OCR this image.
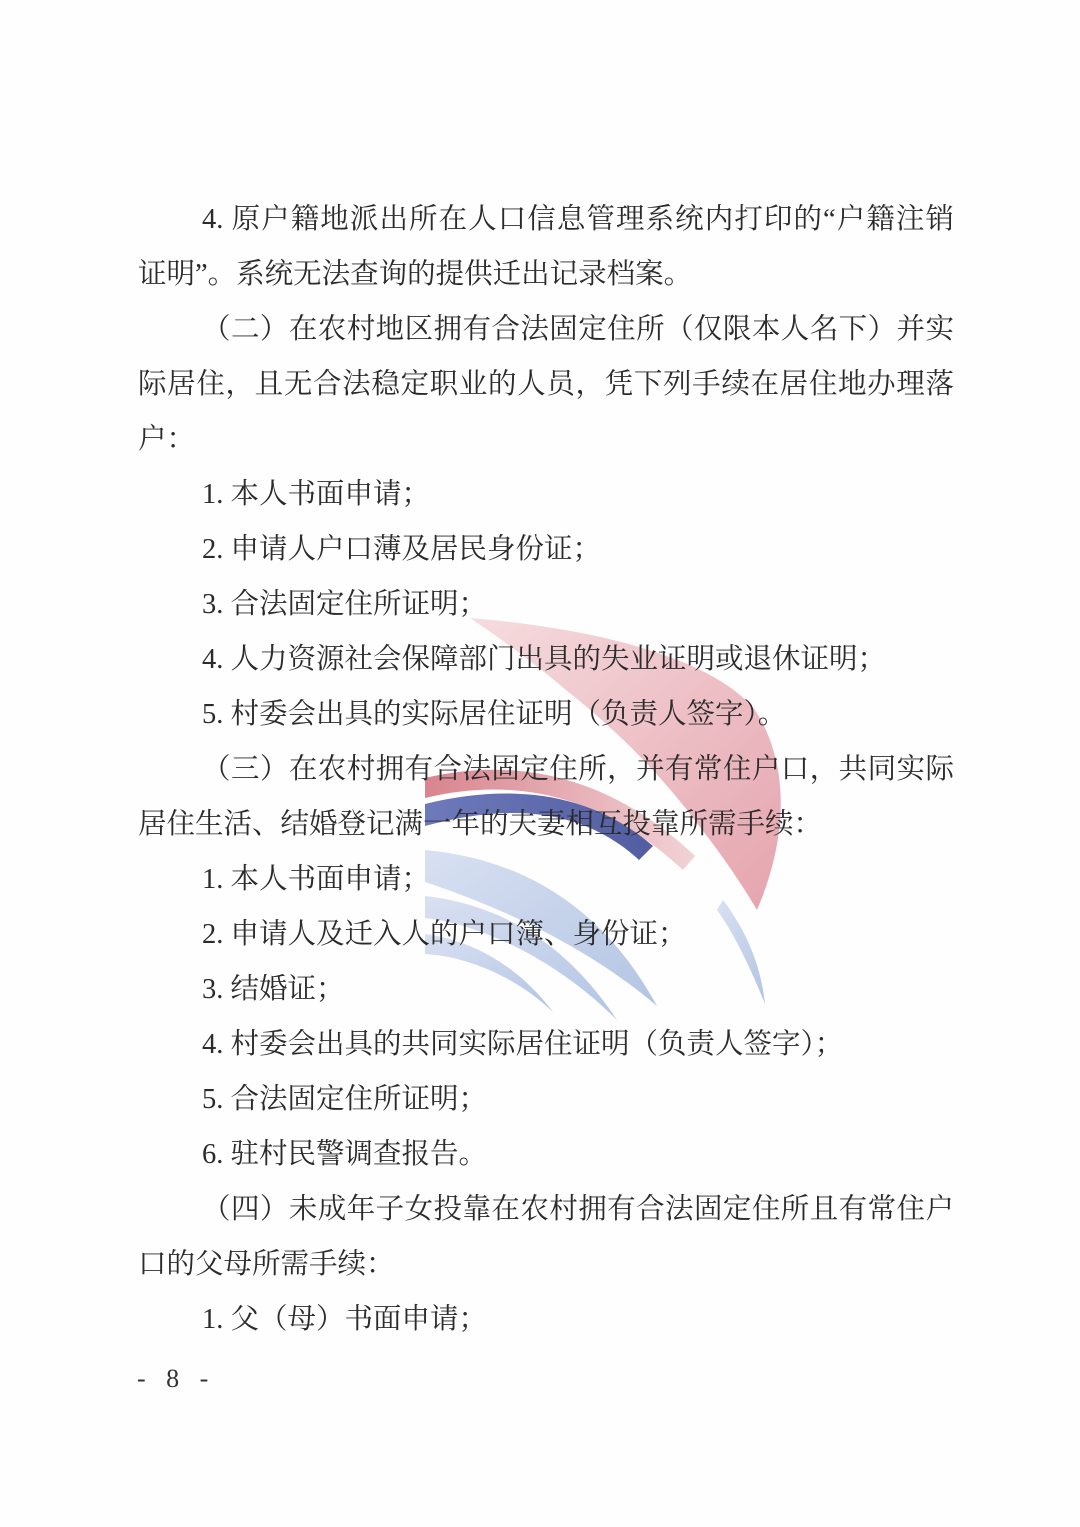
4. 原户籍地派出所在人口信息管理系统内打印的“户籍注销
证明”。系统无法查询的提供迁出记录档案。
（二）在农村地区拥有合法固定住所（仅限本人名下）并实
际居住，且无合法稳定职业的人员，凭下列手续在居住地办理落
户：
1. 本人书面申请；
2. 申请人户口薄及居民身份证；
3. 合法固定住所证明；
4. 人力资源社会保障部门出具的失业证明或退休证明；
5. 村委会出具的实际居住证明（负责人签字）。
（三）在农村拥有合法固定住所，并有常住户口，共同实际
居住生活、结婚登记满一年的夫妻相互投靠所需手续：
1. 本人书面申请；
2. 申请人及迁入人的户口簿、身份证；
3. 结婚证；
4. 村委会出具的共同实际居住证明（负责人签字）；
5. 合法固定住所证明；
6. 驻村民警调查报告。
（四）未成年子女投靠在农村拥有合法固定住所且有常住户
口的父母所需手续：
1. 父（母）书面申请；
- 8 -
